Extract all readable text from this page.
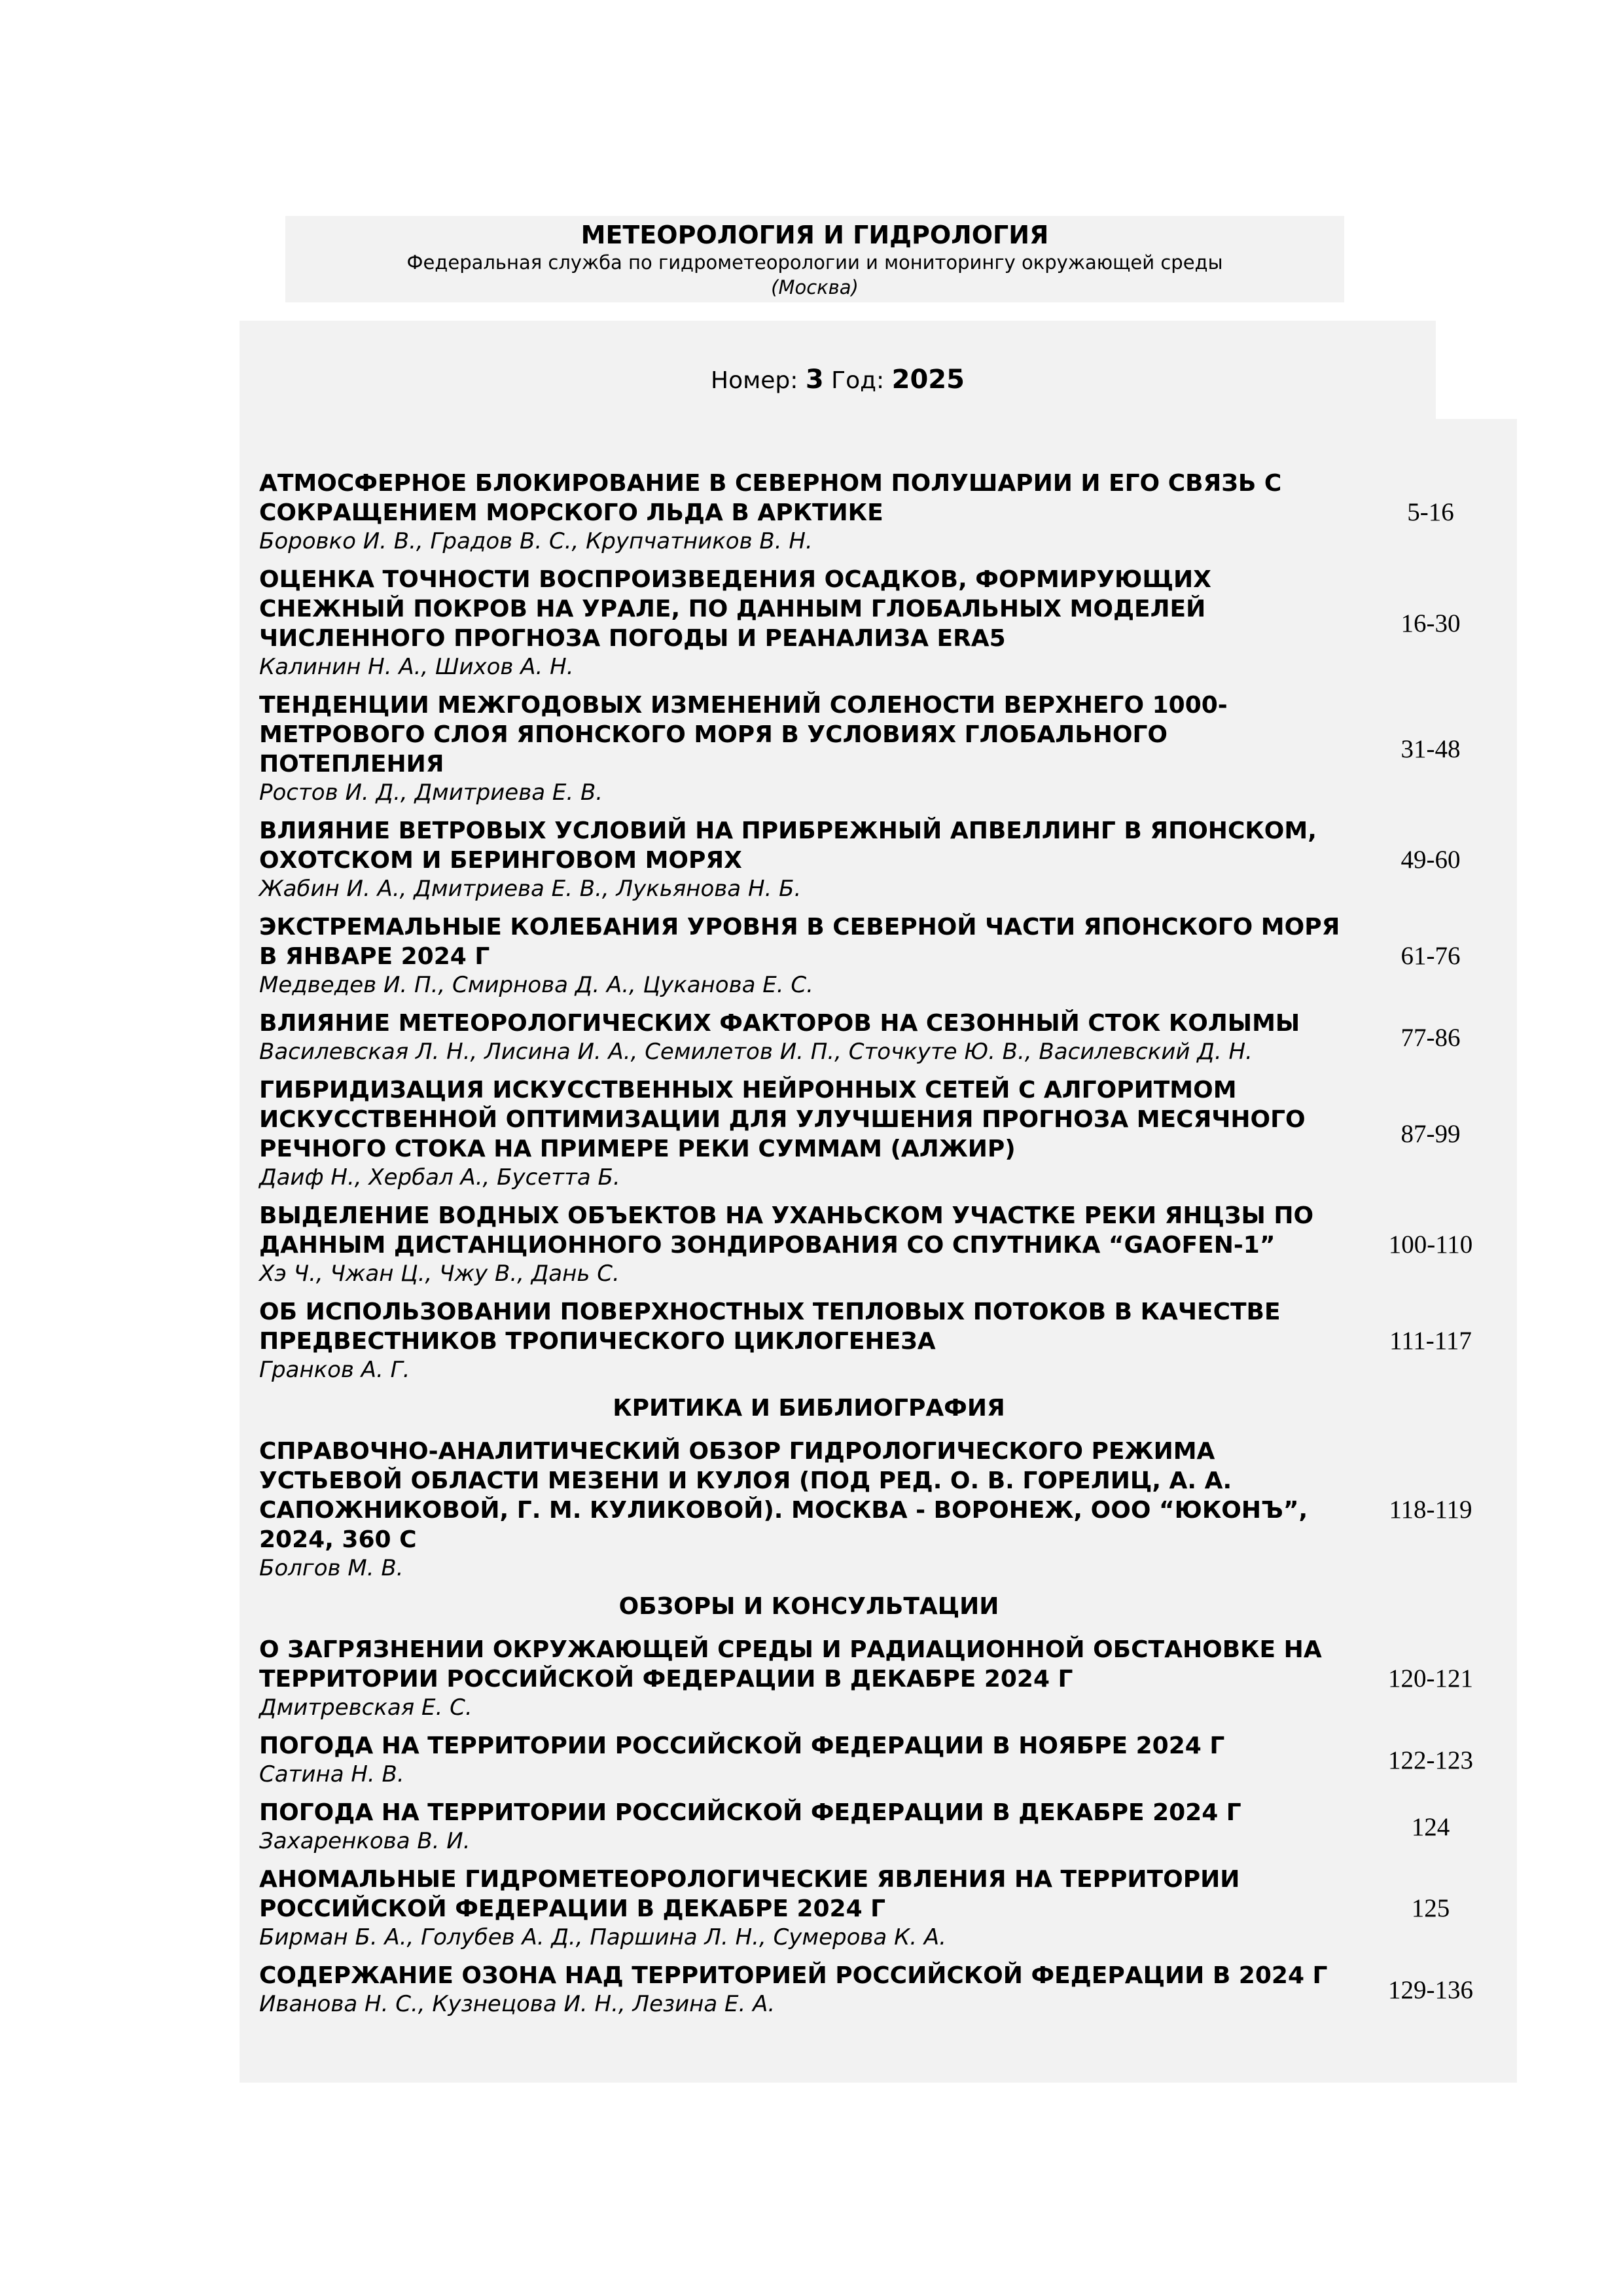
МЕТЕОРОЛОГИЯ И ГИДРОЛОГИЯ
Федеральная служба по гидрометеорологии и мониторингу окружающей среды
(Москва)
Номер: 3 Год: 2025
АТМОСФЕРНОЕ БЛОКИРОВАНИЕ В СЕВЕРНОМ ПОЛУШАРИИ И ЕГО СВЯЗЬ С СОКРАЩЕНИЕМ МОРСКОГО ЛЬДА В АРКТИКЕ
Боровко И. В., Градов В. С., Крупчатников В. Н.
5-16
ОЦЕНКА ТОЧНОСТИ ВОСПРОИЗВЕДЕНИЯ ОСАДКОВ, ФОРМИРУЮЩИХ СНЕЖНЫЙ ПОКРОВ НА УРАЛЕ, ПО ДАННЫМ ГЛОБАЛЬНЫХ МОДЕЛЕЙ ЧИСЛЕННОГО ПРОГНОЗА ПОГОДЫ И РЕАНАЛИЗА ERA5
Калинин Н. А., Шихов А. Н.
16-30
ТЕНДЕНЦИИ МЕЖГОДОВЫХ ИЗМЕНЕНИЙ СОЛЕНОСТИ ВЕРХНЕГО 1000-МЕТРОВОГО СЛОЯ ЯПОНСКОГО МОРЯ В УСЛОВИЯХ ГЛОБАЛЬНОГО ПОТЕПЛЕНИЯ
Ростов И. Д., Дмитриева Е. В.
31-48
ВЛИЯНИЕ ВЕТРОВЫХ УСЛОВИЙ НА ПРИБРЕЖНЫЙ АПВЕЛЛИНГ В ЯПОНСКОМ, ОХОТСКОМ И БЕРИНГОВОМ МОРЯХ
Жабин И. А., Дмитриева Е. В., Лукьянова Н. Б.
49-60
ЭКСТРЕМАЛЬНЫЕ КОЛЕБАНИЯ УРОВНЯ В СЕВЕРНОЙ ЧАСТИ ЯПОНСКОГО МОРЯ В ЯНВАРЕ 2024 Г
Медведев И. П., Смирнова Д. А., Цуканова Е. С.
61-76
ВЛИЯНИЕ МЕТЕОРОЛОГИЧЕСКИХ ФАКТОРОВ НА СЕЗОННЫЙ СТОК КОЛЫМЫ
Василевская Л. Н., Лисина И. А., Семилетов И. П., Сточкуте Ю. В., Василевский Д. Н.
77-86
ГИБРИДИЗАЦИЯ ИСКУССТВЕННЫХ НЕЙРОННЫХ СЕТЕЙ С АЛГОРИТМОМ ИСКУССТВЕННОЙ ОПТИМИЗАЦИИ ДЛЯ УЛУЧШЕНИЯ ПРОГНОЗА МЕСЯЧНОГО РЕЧНОГО СТОКА НА ПРИМЕРЕ РЕКИ СУММАМ (АЛЖИР)
Даиф Н., Хербал А., Бусетта Б.
87-99
ВЫДЕЛЕНИЕ ВОДНЫХ ОБЪЕКТОВ НА УХАНЬСКОМ УЧАСТКЕ РЕКИ ЯНЦЗЫ ПО ДАННЫМ ДИСТАНЦИОННОГО ЗОНДИРОВАНИЯ СО СПУТНИКА “GAOFEN-1”
Хэ Ч., Чжан Ц., Чжу В., Дань С.
100-110
ОБ ИСПОЛЬЗОВАНИИ ПОВЕРХНОСТНЫХ ТЕПЛОВЫХ ПОТОКОВ В КАЧЕСТВЕ ПРЕДВЕСТНИКОВ ТРОПИЧЕСКОГО ЦИКЛОГЕНЕЗА
Гранков А. Г.
111-117
КРИТИКА И БИБЛИОГРАФИЯ
СПРАВОЧНО-АНАЛИТИЧЕСКИЙ ОБЗОР ГИДРОЛОГИЧЕСКОГО РЕЖИМА УСТЬЕВОЙ ОБЛАСТИ МЕЗЕНИ И КУЛОЯ (ПОД РЕД. О. В. ГОРЕЛИЦ, А. А. САПОЖНИКОВОЙ, Г. М. КУЛИКОВОЙ). МОСКВА - ВОРОНЕЖ, ООО “ЮКОНЪ”, 2024, 360 С
Болгов М. В.
118-119
ОБЗОРЫ И КОНСУЛЬТАЦИИ
О ЗАГРЯЗНЕНИИ ОКРУЖАЮЩЕЙ СРЕДЫ И РАДИАЦИОННОЙ ОБСТАНОВКЕ НА ТЕРРИТОРИИ РОССИЙСКОЙ ФЕДЕРАЦИИ В ДЕКАБРЕ 2024 Г
Дмитревская Е. С.
120-121
ПОГОДА НА ТЕРРИТОРИИ РОССИЙСКОЙ ФЕДЕРАЦИИ В НОЯБРЕ 2024 Г
Сатина Н. В.
122-123
ПОГОДА НА ТЕРРИТОРИИ РОССИЙСКОЙ ФЕДЕРАЦИИ В ДЕКАБРЕ 2024 Г
Захаренкова В. И.
124
АНОМАЛЬНЫЕ ГИДРОМЕТЕОРОЛОГИЧЕСКИЕ ЯВЛЕНИЯ НА ТЕРРИТОРИИ РОССИЙСКОЙ ФЕДЕРАЦИИ В ДЕКАБРЕ 2024 Г
Бирман Б. А., Голубев А. Д., Паршина Л. Н., Сумерова К. А.
125
СОДЕРЖАНИЕ ОЗОНА НАД ТЕРРИТОРИЕЙ РОССИЙСКОЙ ФЕДЕРАЦИИ В 2024 Г
Иванова Н. С., Кузнецова И. Н., Лезина Е. А.
129-136
